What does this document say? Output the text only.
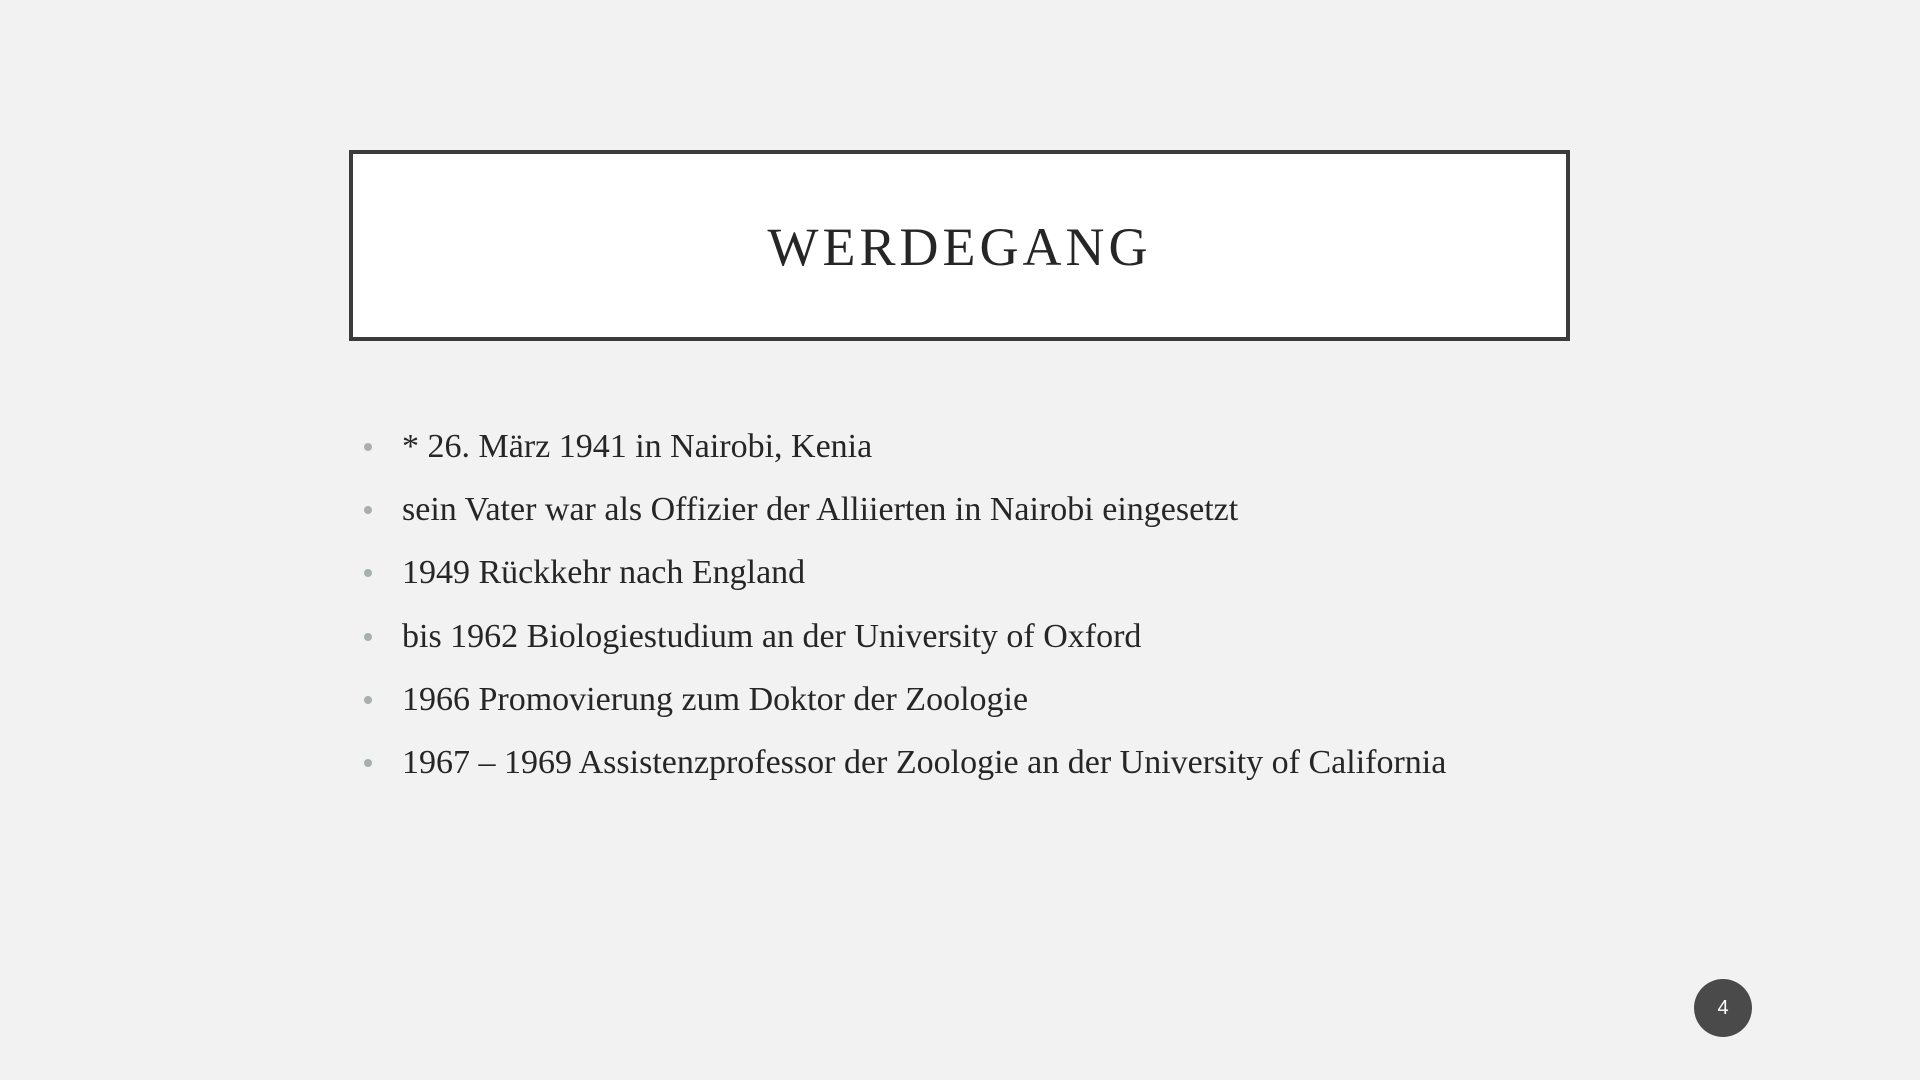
WERDEGANG
* 26. März 1941 in Nairobi, Kenia
sein Vater war als Offizier der Alliierten in Nairobi eingesetzt
1949 Rückkehr nach England
bis 1962 Biologiestudium an der University of Oxford
1966 Promovierung zum Doktor der Zoologie
1967 – 1969 Assistenzprofessor der Zoologie an der University of California
4
